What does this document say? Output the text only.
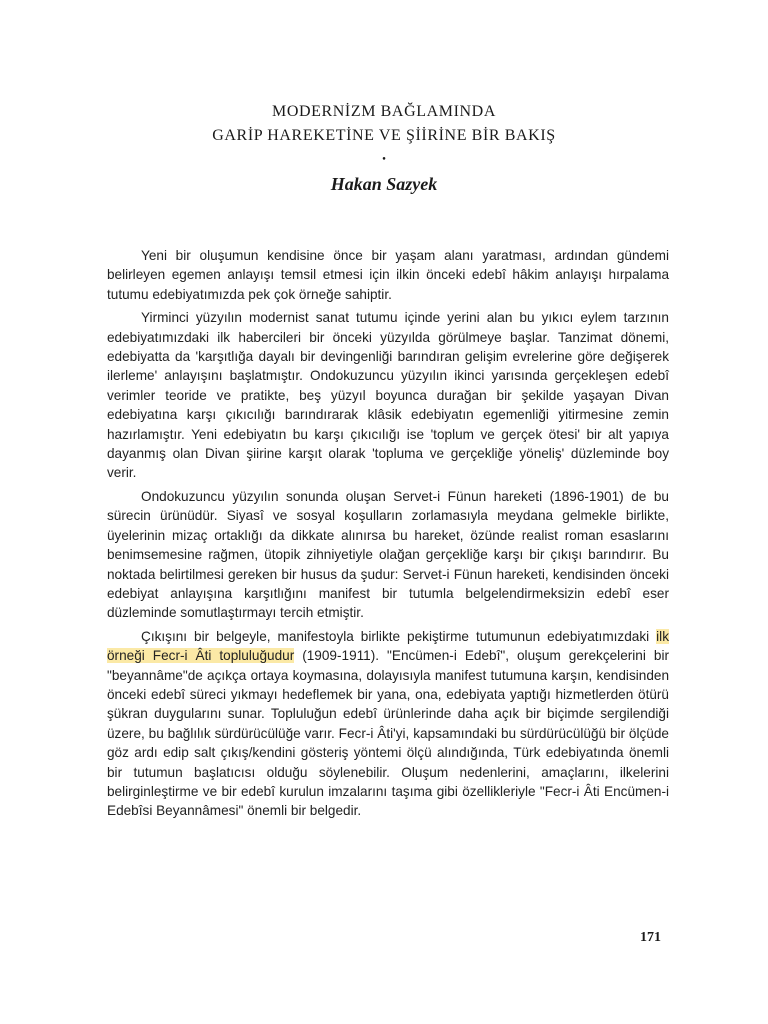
MODERNİZM BAĞLAMINDA
GARİP HAREKETİNE VE ŞİİRİNE BİR BAKIŞ
•
Hakan Sazyek

Yeni bir oluşumun kendisine önce bir yaşam alanı yaratması, ardından gündemi belirleyen egemen anlayışı temsil etmesi için ilkin önceki edebî hâkim anlayışı hırpalama tutumu edebiyatımızda pek çok örneğe sahiptir.

Yirminci yüzyılın modernist sanat tutumu içinde yerini alan bu yıkıcı eylem tarzının edebiyatımızdaki ilk habercileri bir önceki yüzyılda görülmeye başlar. Tanzimat dönemi, edebiyatta da 'karşıtlığa dayalı bir devingenliği barındıran gelişim evrelerine göre değişerek ilerleme' anlayışını başlatmıştır. Ondokuzuncu yüzyılın ikinci yarısında gerçekleşen edebî verimler teoride ve pratikte, beş yüzyıl boyunca durağan bir şekilde yaşayan Divan edebiyatına karşı çıkıcılığı barındırarak klâsik edebiyatın egemenliği yitirmesine zemin hazırlamıştır. Yeni edebiyatın bu karşı çıkıcılığı ise 'toplum ve gerçek ötesi' bir alt yapıya dayanmış olan Divan şiirine karşıt olarak 'topluma ve gerçekliğe yöneliş' düzleminde boy verir.

Ondokuzuncu yüzyılın sonunda oluşan Servet-i Fünun hareketi (1896-1901) de bu sürecin ürünüdür. Siyasî ve sosyal koşulların zorlamasıyla meydana gelmekle birlikte, üyelerinin mizaç ortaklığı da dikkate alınırsa bu hareket, özünde realist roman esaslarını benimsemesine rağmen, ütopik zihniyetiyle olağan gerçekliğe karşı bir çıkışı barındırır. Bu noktada belirtilmesi gereken bir husus da şudur: Servet-i Fünun hareketi, kendisinden önceki edebiyat anlayışına karşıtlığını manifest bir tutumla belgelendirmeksizin edebî eser düzleminde somutlaştırmayı tercih etmiştir.

Çıkışını bir belgeyle, manifestoyla birlikte pekiştirme tutumunun edebiyatımızdaki ilk örneği Fecr-i Âti topluluğudur (1909-1911). "Encümen-i Edebî", oluşum gerekçelerini bir "beyannâme"de açıkça ortaya koymasına, dolayısıyla manifest tutumuna karşın, kendisinden önceki edebî süreci yıkmayı hedeflemek bir yana, ona, edebiyata yaptığı hizmetlerden ötürü şükran duygularını sunar. Topluluğun edebî ürünlerinde daha açık bir biçimde sergilendiği üzere, bu bağlılık sürdürücülüğe varır. Fecr-i Âti'yi, kapsamındaki bu sürdürücülüğü bir ölçüde göz ardı edip salt çıkış/kendini gösteriş yöntemi ölçü alındığında, Türk edebiyatında önemli bir tutumun başlatıcısı olduğu söylenebilir. Oluşum nedenlerini, amaçlarını, ilkelerini belirginleştirme ve bir edebî kurulun imzalarını taşıma gibi özellikleriyle "Fecr-i Âti Encümen-i Edebîsi Beyannâmesi" önemli bir belgedir.

171
